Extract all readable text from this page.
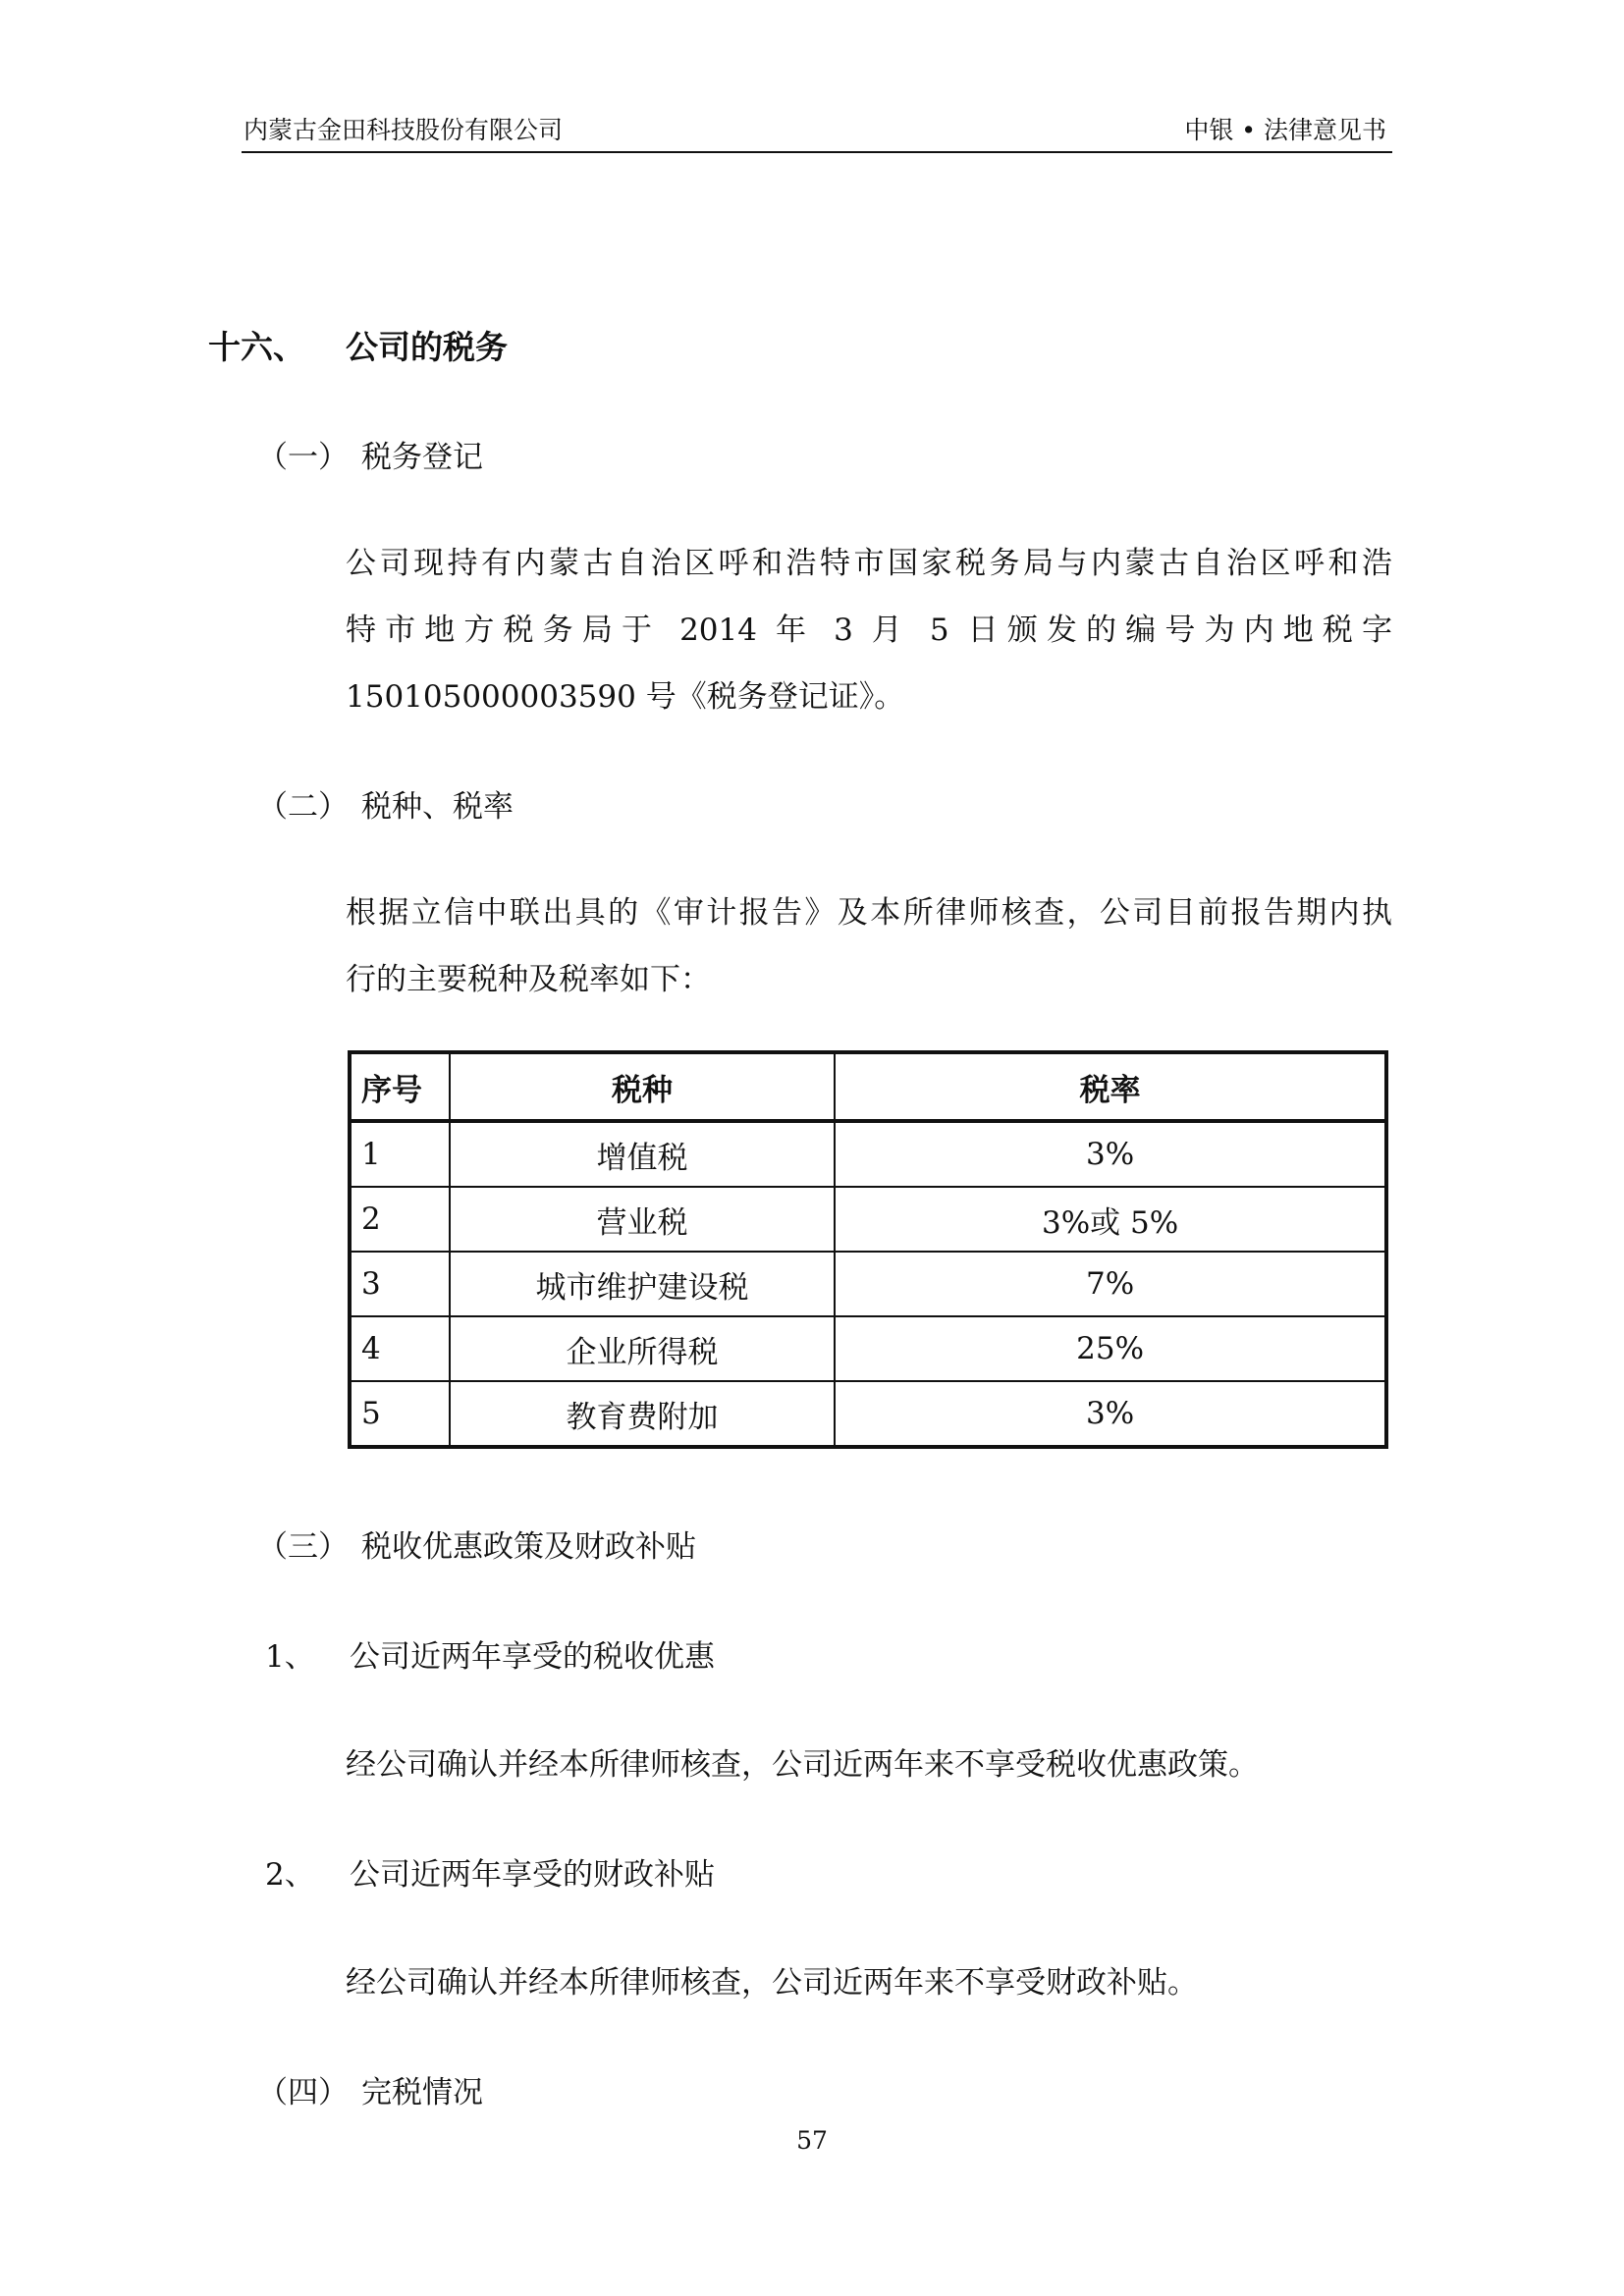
内蒙古金田科技股份有限公司	中银 • 法律意见书
十六、 公司的税务
（一） 税务登记
公司现持有内蒙古自治区呼和浩特市国家税务局与内蒙古自治区呼和浩
特市地方税务局于 2014 年 3 月 5 日颁发的编号为内地税字
150105000003590 号《税务登记证》。
（二） 税种、税率
根据立信中联出具的《审计报告》及本所律师核查，公司目前报告期内执
行的主要税种及税率如下：
序号	税种	税率
1	增值税	3%
2	营业税	3%或 5%
3	城市维护建设税	7%
4	企业所得税	25%
5	教育费附加	3%
（三） 税收优惠政策及财政补贴
1、 公司近两年享受的税收优惠
经公司确认并经本所律师核查，公司近两年来不享受税收优惠政策。
2、 公司近两年享受的财政补贴
经公司确认并经本所律师核查，公司近两年来不享受财政补贴。
（四） 完税情况
57
